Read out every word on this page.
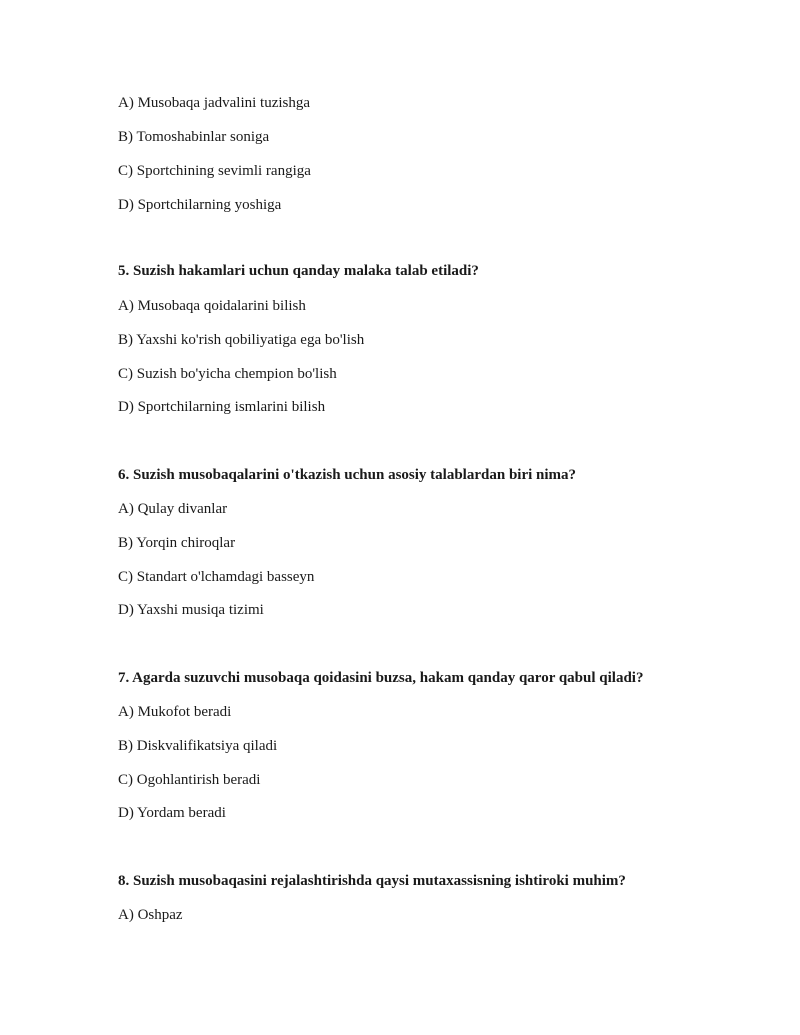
A) Musobaqa jadvalini tuzishga
B) Tomoshabinlar soniga
C) Sportchining sevimli rangiga
D) Sportchilarning yoshiga
5. Suzish hakamlari uchun qanday malaka talab etiladi?
A) Musobaqa qoidalarini bilish
B) Yaxshi ko'rish qobiliyatiga ega bo'lish
C) Suzish bo'yicha chempion bo'lish
D) Sportchilarning ismlarini bilish
6. Suzish musobaqalarini o'tkazish uchun asosiy talablardan biri nima?
A) Qulay divanlar
B) Yorqin chiroqlar
C) Standart o'lchamdagi basseyn
D) Yaxshi musiqa tizimi
7. Agarda suzuvchi musobaqa qoidasini buzsa, hakam qanday qaror qabul qiladi?
A) Mukofot beradi
B) Diskvalifikatsiya qiladi
C) Ogohlantirish beradi
D) Yordam beradi
8. Suzish musobaqasini rejalashtirishda qaysi mutaxassisning ishtiroki muhim?
A) Oshpaz
